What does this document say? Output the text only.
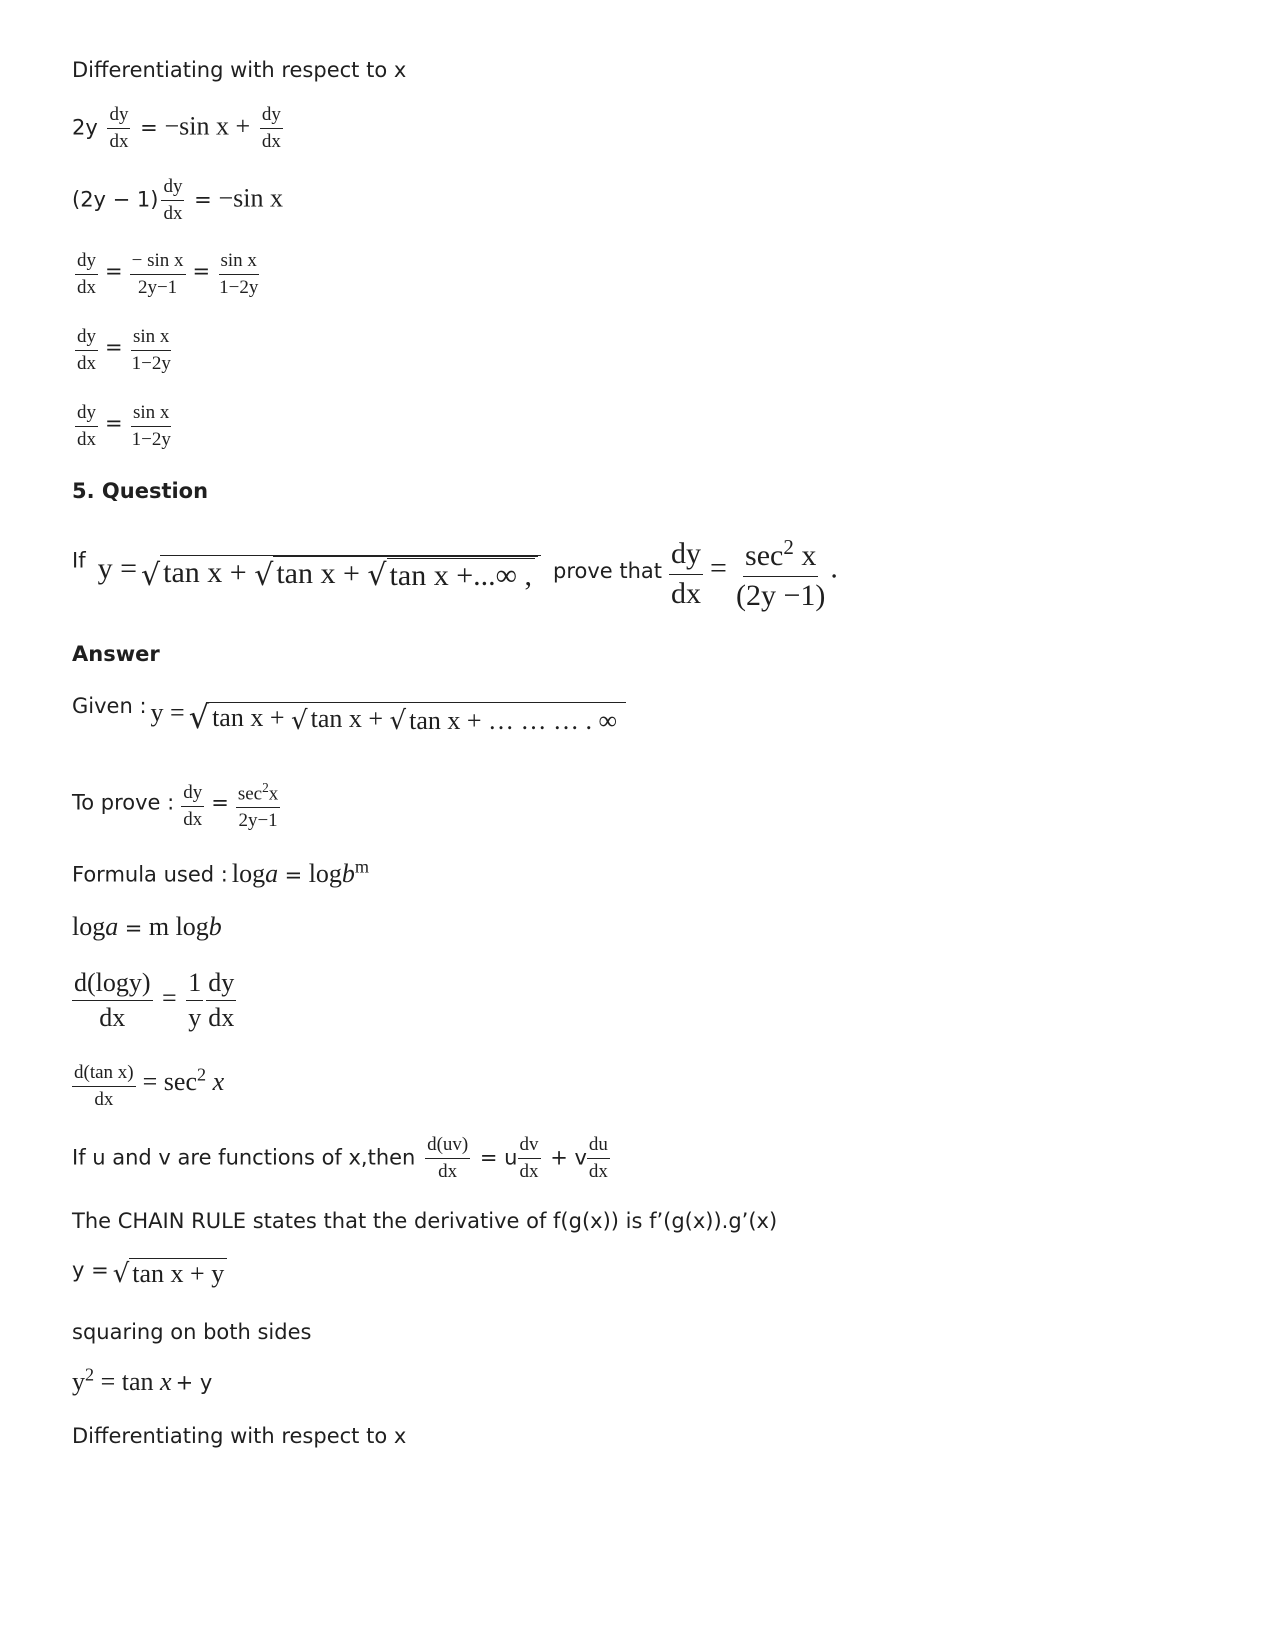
Differentiating with respect to x
$2y \frac{dy}{dx} = -\sin$ $x + \frac{dy}{dx}$
$(2y - 1) \frac{dy}{dx} = -\sin$ x
$\frac{dy}{dx} = \frac{\text{− sin x}}{2y-1} = \frac{\text{sin x}}{1-2y}$
$\frac{dy}{dx} = \frac{\text{sin x}}{1-2y}$
$\frac{dy}{dx} = \frac{\text{sin x}}{1-2y}$
5. Question
If y = √ tan x + √ tan x + √ tan x +...∞ , prove that $\frac{dy}{dx} = \frac{\sec^2 x}{(2y -1)}$ .
Answer
Given : y = √ tan x + √ tan x + √ tan x + … … … . ∞
To prove : $\frac{dy}{dx} = \frac{\sec^2x}{2y-1}$
Formula used : loga = logb$^m$
loga = m logb
$\frac{d(\log y)}{dx} = \frac{1}{y} \frac{dy}{dx}$
$\frac{\text{d(tan x)}}{dx} = \sec^2 x$
If u and v are functions of x,then $\frac{d(uv)}{dx} = u \frac{dv}{dx} + v \frac{du}{dx}$
The CHAIN RULE states that the derivative of f(g(x)) is f’(g(x)).g’(x)
y = √ tan x + y
squaring on both sides
$y^2 = \tan x + y$
Differentiating with respect to x
